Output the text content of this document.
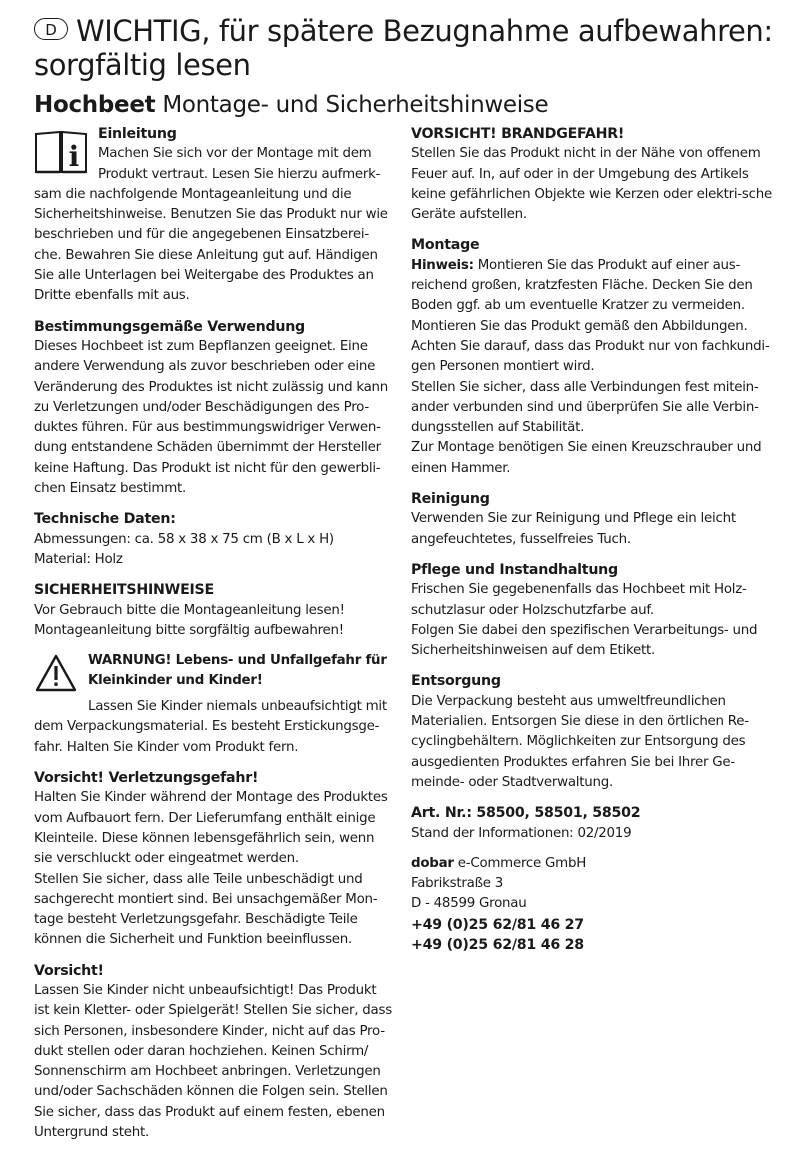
D WICHTIG, für spätere Bezugnahme aufbewahren: sorgfältig lesen
Hochbeet Montage- und Sicherheitshinweise
i

Einleitung

Machen Sie sich vor der Montage mit dem Produkt vertraut. Lesen Sie hierzu aufmerk-sam die nachfolgende Montageanleitung und die Sicherheitshinweise. Benutzen Sie das Produkt nur wie beschrieben und für die angegebenen Einsatzberei-che. Bewahren Sie diese Anleitung gut auf. Händigen Sie alle Unterlagen bei Weitergabe des Produktes an Dritte ebenfalls mit aus.

Bestimmungsgemäße Verwendung

Dieses Hochbeet ist zum Bepflanzen geeignet. Eine andere Verwendung als zuvor beschrieben oder eine Veränderung des Produktes ist nicht zulässig und kann zu Verletzungen und/oder Beschädigungen des Pro-duktes führen. Für aus bestimmungswidriger Verwen-dung entstandene Schäden übernimmt der Hersteller keine Haftung. Das Produkt ist nicht für den gewerbli-chen Einsatz bestimmt.

Technische Daten:

Abmessungen: ca. 58 x 38 x 75 cm (B x L x H)

Material: Holz

SICHERHEITSHINWEISE

Vor Gebrauch bitte die Montageanleitung lesen!

Montageanleitung bitte sorgfältig aufbewahren!

WARNUNG! Lebens- und Unfallgefahr für Kleinkinder und Kinder!

Lassen Sie Kinder niemals unbeaufsichtigt mit dem Verpackungsmaterial. Es besteht Erstickungsge-fahr. Halten Sie Kinder vom Produkt fern.

Vorsicht! Verletzungsgefahr!

Halten Sie Kinder während der Montage des Produktes vom Aufbauort fern. Der Lieferumfang enthält einige Kleinteile. Diese können lebensgefährlich sein, wenn sie verschluckt oder eingeatmet werden.

Stellen Sie sicher, dass alle Teile unbeschädigt und sachgerecht montiert sind. Bei unsachgemäßer Mon-tage besteht Verletzungsgefahr. Beschädigte Teile können die Sicherheit und Funktion beeinflussen.

Vorsicht!

Lassen Sie Kinder nicht unbeaufsichtigt! Das Produkt ist kein Kletter- oder Spielgerät! Stellen Sie sicher, dass sich Personen, insbesondere Kinder, nicht auf das Pro-dukt stellen oder daran hochziehen. Keinen Schirm/ Sonnenschirm am Hochbeet anbringen. Verletzungen und/oder Sachschäden können die Folgen sein. Stellen Sie sicher, dass das Produkt auf einem festen, ebenen Untergrund steht.

VORSICHT! BRANDGEFAHR!

Stellen Sie das Produkt nicht in der Nähe von offenem Feuer auf. In, auf oder in der Umgebung des Artikels keine gefährlichen Objekte wie Kerzen oder elektri-sche Geräte aufstellen.

Montage

Hinweis: Montieren Sie das Produkt auf einer aus-reichend großen, kratzfesten Fläche. Decken Sie den Boden ggf. ab um eventuelle Kratzer zu vermeiden.

Montieren Sie das Produkt gemäß den Abbildungen.

Achten Sie darauf, dass das Produkt nur von fachkundi-gen Personen montiert wird.

Stellen Sie sicher, dass alle Verbindungen fest mitein-ander verbunden sind und überprüfen Sie alle Verbin-dungsstellen auf Stabilität.

Zur Montage benötigen Sie einen Kreuzschrauber und einen Hammer.

Reinigung

Verwenden Sie zur Reinigung und Pflege ein leicht angefeuchtetes, fusselfreies Tuch.

Pflege und Instandhaltung

Frischen Sie gegebenenfalls das Hochbeet mit Holz-schutzlasur oder Holzschutzfarbe auf.

Folgen Sie dabei den spezifischen Verarbeitungs- und Sicherheitshinweisen auf dem Etikett.

Entsorgung

Die Verpackung besteht aus umweltfreundlichen Materialien. Entsorgen Sie diese in den örtlichen Re-cyclingbehältern. Möglichkeiten zur Entsorgung des ausgedienten Produktes erfahren Sie bei Ihrer Ge-meinde- oder Stadtverwaltung.

Art. Nr.: 58500, 58501, 58502

Stand der Informationen: 02/2019

dobar e-Commerce GmbH

Fabrikstraße 3

D - 48599 Gronau

+49 (0)25 62/81 46 27

+49 (0)25 62/81 46 28
